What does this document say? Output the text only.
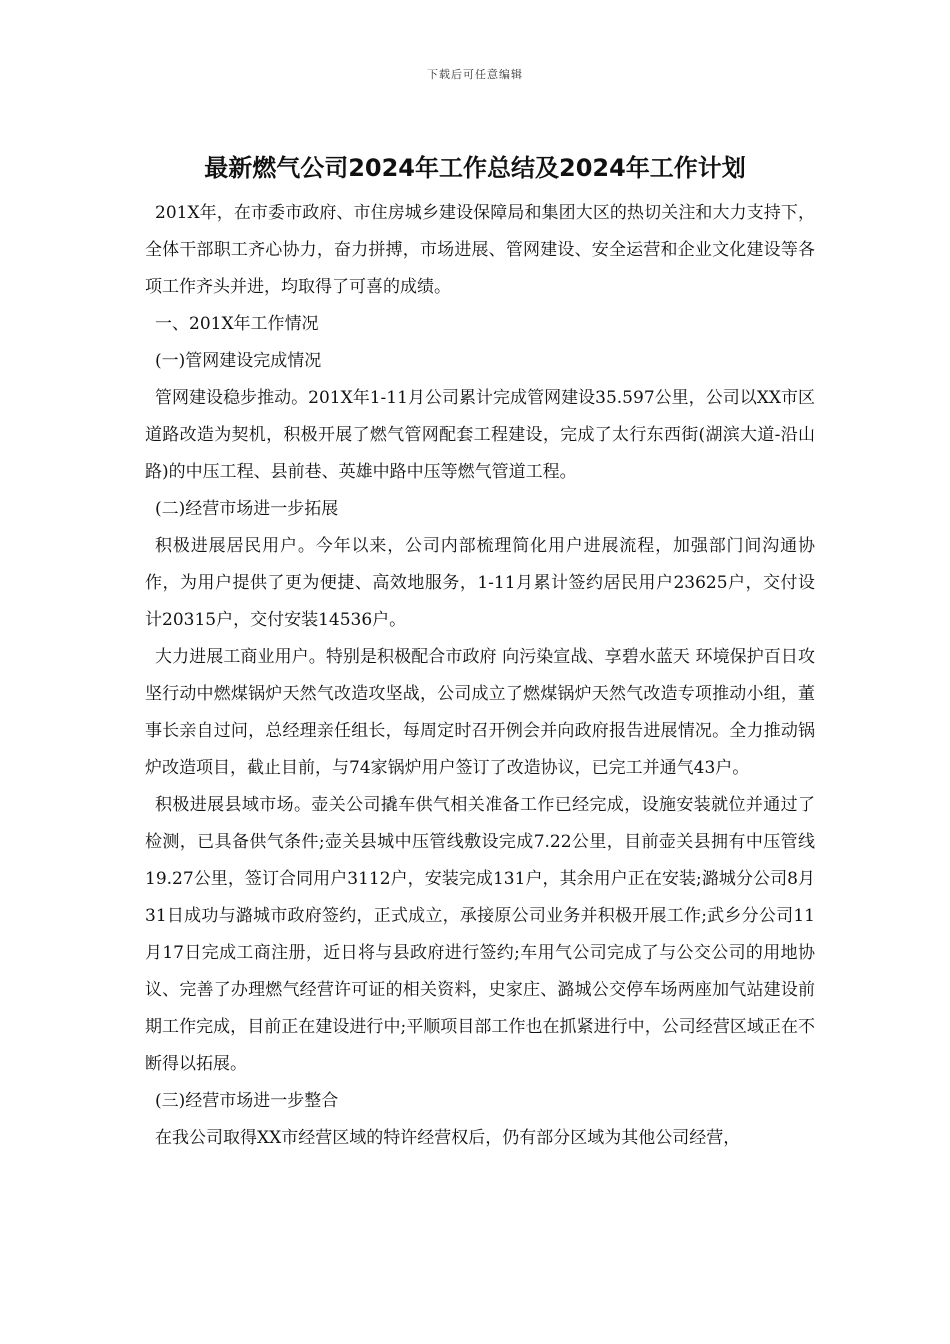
下载后可任意编辑
最新燃气公司2024年工作总结及2024年工作计划

201X年，在市委市政府、市住房城乡建设保障局和集团大区的热切关注和大力支持下，全体干部职工齐心协力，奋力拼搏，市场进展、管网建设、安全运营和企业文化建设等各项工作齐头并进，均取得了可喜的成绩。

一、201X年工作情况

(一)管网建设完成情况

管网建设稳步推动。201X年1-11月公司累计完成管网建设35.597公里，公司以XX市区道路改造为契机，积极开展了燃气管网配套工程建设，完成了太行东西街(湖滨大道-沿山路)的中压工程、县前巷、英雄中路中压等燃气管道工程。

(二)经营市场进一步拓展

积极进展居民用户。今年以来，公司内部梳理简化用户进展流程，加强部门间沟通协作，为用户提供了更为便捷、高效地服务，1-11月累计签约居民用户23625户，交付设计20315户，交付安装14536户。

大力进展工商业用户。特别是积极配合市政府 向污染宣战、享碧水蓝天 环境保护百日攻坚行动中燃煤锅炉天然气改造攻坚战，公司成立了燃煤锅炉天然气改造专项推动小组，董事长亲自过问，总经理亲任组长，每周定时召开例会并向政府报告进展情况。全力推动锅炉改造项目，截止目前，与74家锅炉用户签订了改造协议，已完工并通气43户。

积极进展县域市场。壶关公司撬车供气相关准备工作已经完成，设施安装就位并通过了检测，已具备供气条件;壶关县城中压管线敷设完成7.22公里，目前壶关县拥有中压管线19.27公里，签订合同用户3112户，安装完成131户，其余用户正在安装;潞城分公司8月31日成功与潞城市政府签约，正式成立，承接原公司业务并积极开展工作;武乡分公司11月17日完成工商注册，近日将与县政府进行签约;车用气公司完成了与公交公司的用地协议、完善了办理燃气经营许可证的相关资料，史家庄、潞城公交停车场两座加气站建设前期工作完成，目前正在建设进行中;平顺项目部工作也在抓紧进行中，公司经营区域正在不断得以拓展。

(三)经营市场进一步整合

在我公司取得XX市经营区域的特许经营权后，仍有部分区域为其他公司经营，
